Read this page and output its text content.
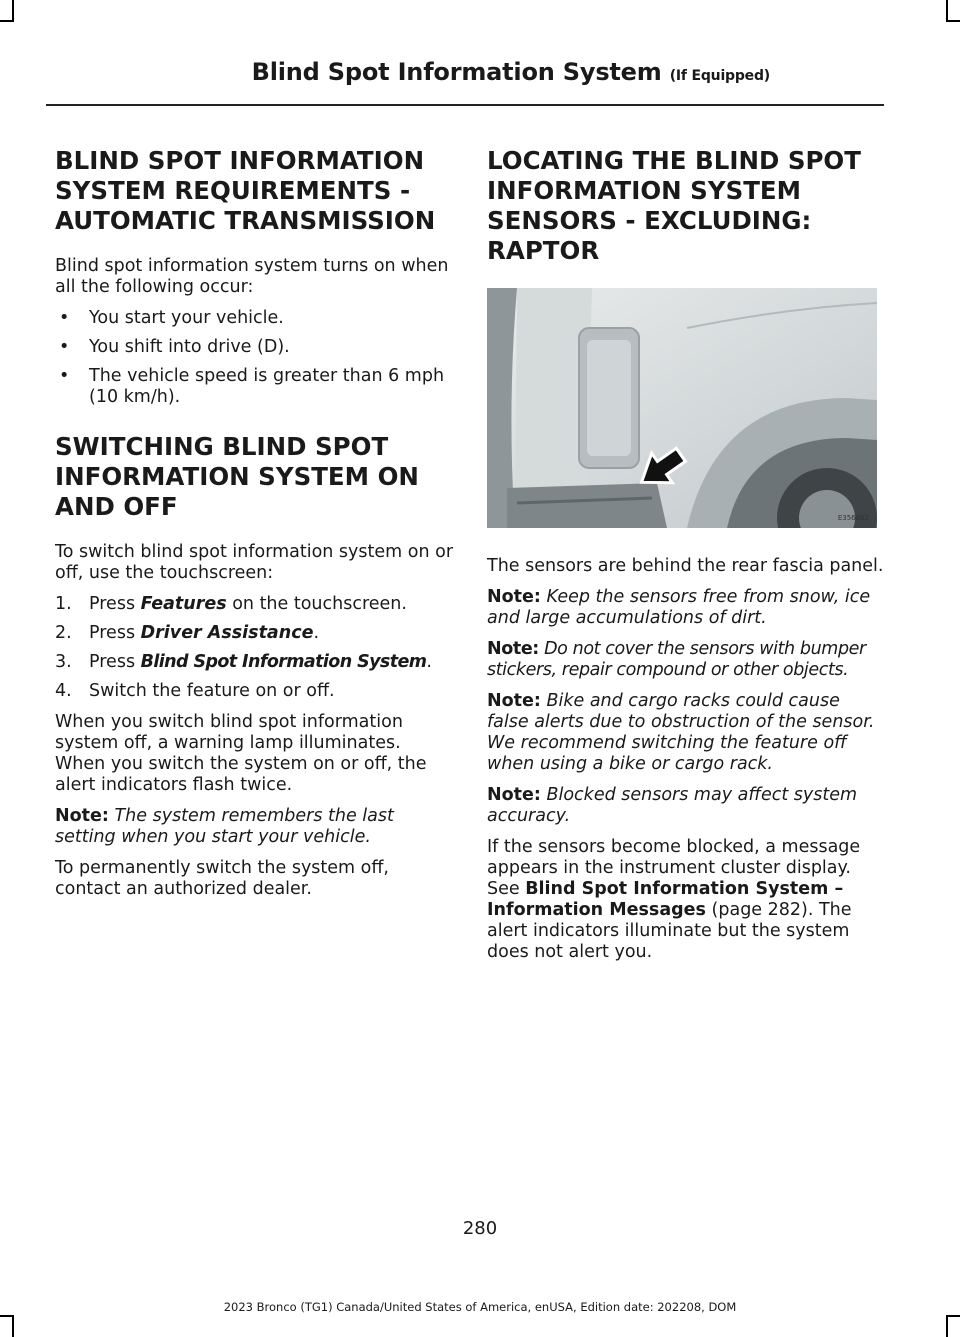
Blind Spot Information System (If Equipped)
BLIND SPOT INFORMATION SYSTEM REQUIREMENTS - AUTOMATIC TRANSMISSION

Blind spot information system turns on when all the following occur:

• You start your vehicle.
• You shift into drive (D).
• The vehicle speed is greater than 6 mph (10 km/h).
SWITCHING BLIND SPOT INFORMATION SYSTEM ON AND OFF

To switch blind spot information system on or off, use the touchscreen:

1. Press Features on the touchscreen.
2. Press Driver Assistance.
3. Press Blind Spot Information System.
4. Switch the feature on or off.

When you switch blind spot information system off, a warning lamp illuminates. When you switch the system on or off, the alert indicators flash twice.

Note: The system remembers the last setting when you start your vehicle.

To permanently switch the system off, contact an authorized dealer.

LOCATING THE BLIND SPOT INFORMATION SYSTEM SENSORS - EXCLUDING: RAPTOR
E356802

The sensors are behind the rear fascia panel.

Note: Keep the sensors free from snow, ice and large accumulations of dirt.

Note: Do not cover the sensors with bumper stickers, repair compound or other objects.

Note: Bike and cargo racks could cause false alerts due to obstruction of the sensor. We recommend switching the feature off when using a bike or cargo rack.

Note: Blocked sensors may affect system accuracy.

If the sensors become blocked, a message appears in the instrument cluster display. See Blind Spot Information System – Information Messages (page 282). The alert indicators illuminate but the system does not alert you.

280
2023 Bronco (TG1) Canada/United States of America, enUSA, Edition date: 202208, DOM
